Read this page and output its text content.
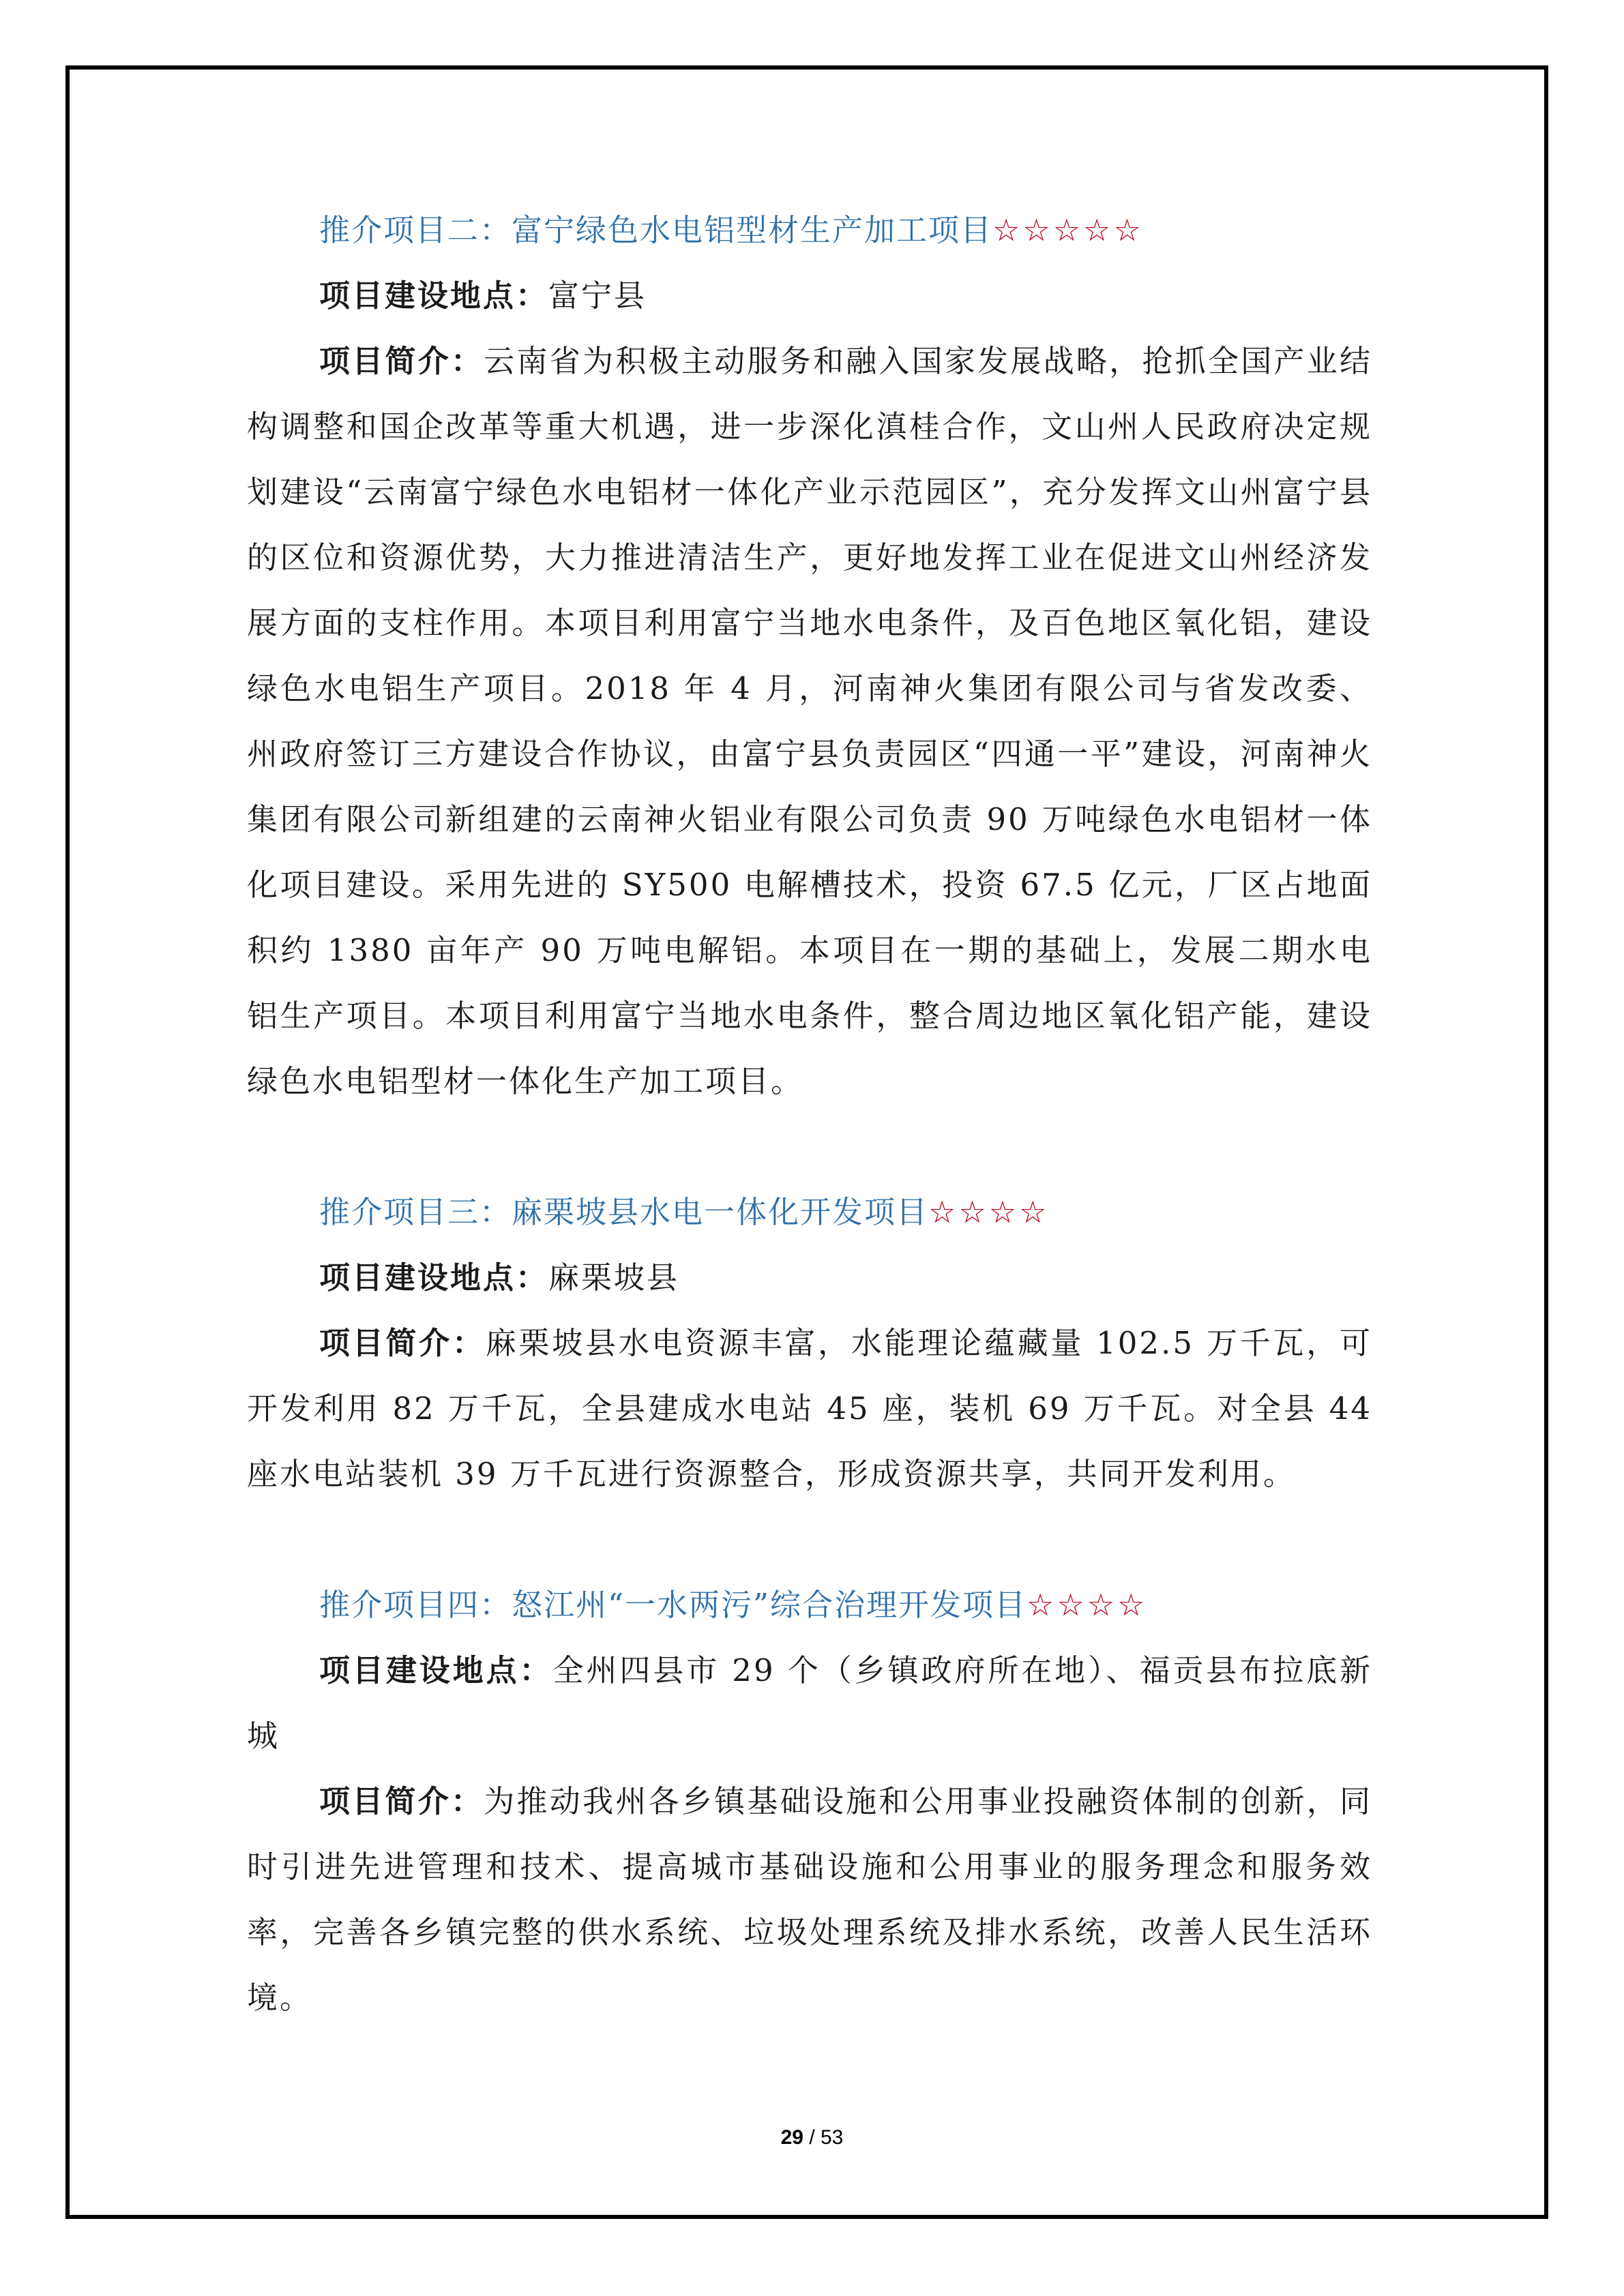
推介项目二：富宁绿色水电铝型材生产加工项目☆☆☆☆☆
项目建设地点：富宁县
项目简介：云南省为积极主动服务和融入国家发展战略，抢抓全国产业结构调整和国企改革等重大机遇，进一步深化滇桂合作，文山州人民政府决定规划建设“云南富宁绿色水电铝材一体化产业示范园区”，充分发挥文山州富宁县的区位和资源优势，大力推进清洁生产，更好地发挥工业在促进文山州经济发展方面的支柱作用。本项目利用富宁当地水电条件，及百色地区氧化铝，建设绿色水电铝生产项目。2018 年 4 月，河南神火集团有限公司与省发改委、州政府签订三方建设合作协议，由富宁县负责园区“四通一平”建设，河南神火集团有限公司新组建的云南神火铝业有限公司负责 90 万吨绿色水电铝材一体化项目建设。采用先进的 SY500 电解槽技术，投资 67.5 亿元，厂区占地面积约 1380 亩年产 90 万吨电解铝。本项目在一期的基础上，发展二期水电铝生产项目。本项目利用富宁当地水电条件，整合周边地区氧化铝产能，建设绿色水电铝型材一体化生产加工项目。
推介项目三：麻栗坡县水电一体化开发项目☆☆☆☆
项目建设地点：麻栗坡县
项目简介：麻栗坡县水电资源丰富，水能理论蕴藏量 102.5 万千瓦，可开发利用 82 万千瓦，全县建成水电站 45 座，装机 69 万千瓦。对全县 44 座水电站装机 39 万千瓦进行资源整合，形成资源共享，共同开发利用。
推介项目四：怒江州“一水两污”综合治理开发项目☆☆☆☆
项目建设地点：全州四县市 29 个（乡镇政府所在地）、福贡县布拉底新城
项目简介：为推动我州各乡镇基础设施和公用事业投融资体制的创新，同时引进先进管理和技术、提高城市基础设施和公用事业的服务理念和服务效率，完善各乡镇完整的供水系统、垃圾处理系统及排水系统，改善人民生活环境。
29 / 53
